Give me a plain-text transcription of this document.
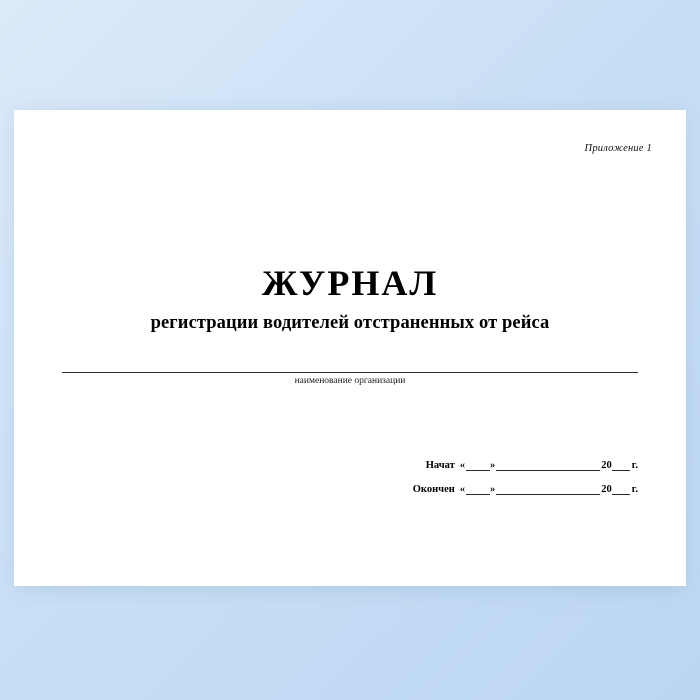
Приложение 1
ЖУРНАЛ
регистрации водителей отстраненных от рейса
наименование организации
Начат « »	20 г.
Окончен « »	20 г.
